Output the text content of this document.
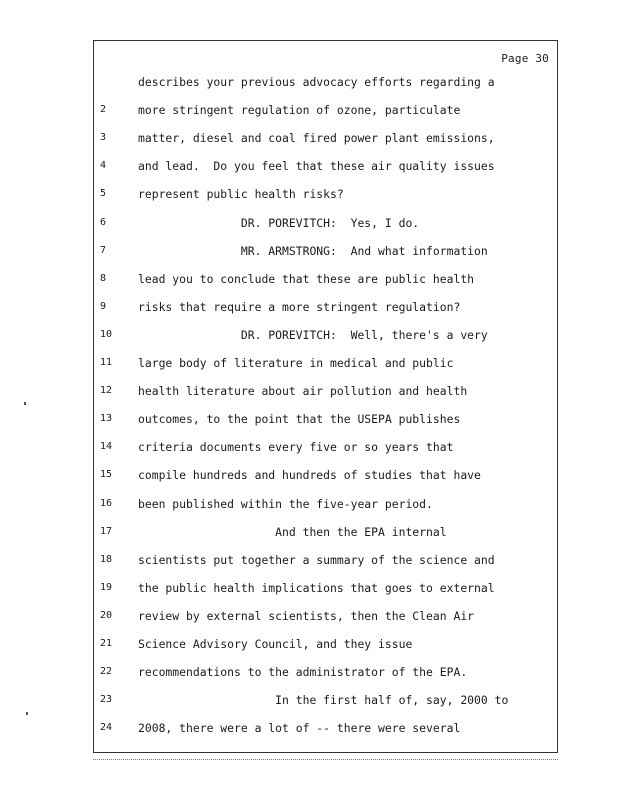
Page 30
describes your previous advocacy efforts regarding a
2	more stringent regulation of ozone, particulate
3	matter, diesel and coal fired power plant emissions,
4	and lead.  Do you feel that these air quality issues
5	represent public health risks?
6	DR. POREVITCH:  Yes, I do.
7	MR. ARMSTRONG:  And what information
8	lead you to conclude that these are public health
9	risks that require a more stringent regulation?
10	DR. POREVITCH:  Well, there's a very
11	large body of literature in medical and public
12	health literature about air pollution and health
13	outcomes, to the point that the USEPA publishes
14	criteria documents every five or so years that
15	compile hundreds and hundreds of studies that have
16	been published within the five-year period.
17	And then the EPA internal
18	scientists put together a summary of the science and
19	the public health implications that goes to external
20	review by external scientists, then the Clean Air
21	Science Advisory Council, and they issue
22	recommendations to the administrator of the EPA.
23	In the first half of, say, 2000 to
24	2008, there were a lot of -- there were several
